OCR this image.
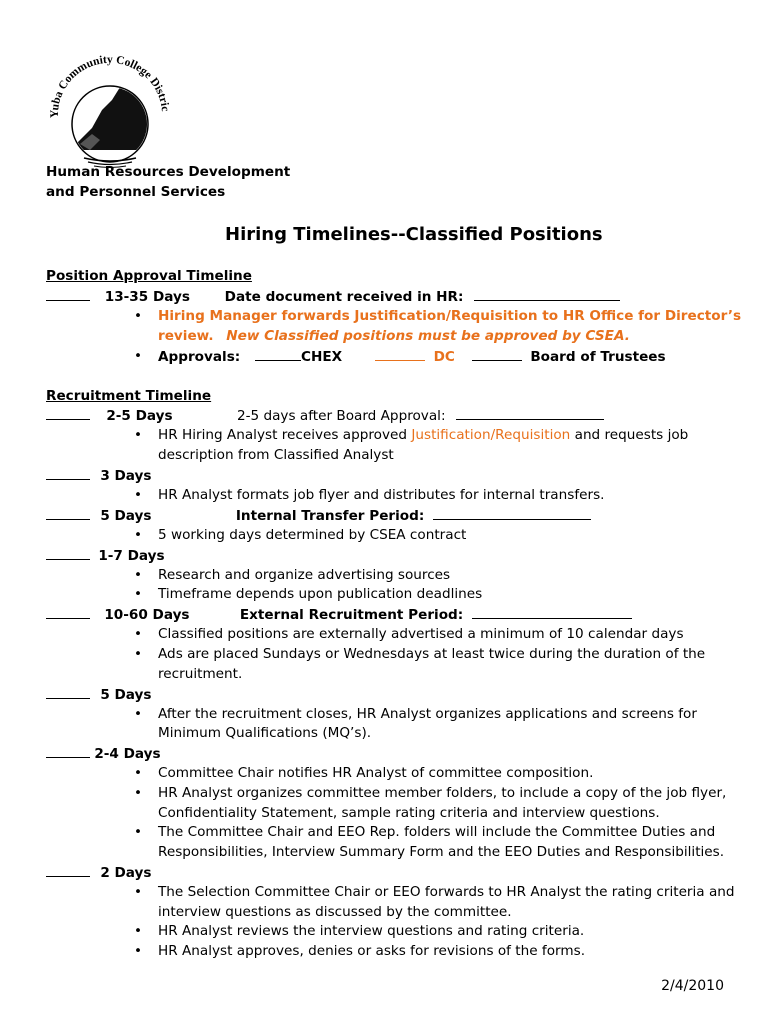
Yuba Community College Distric
Human Resources Development
and Personnel Services
Hiring Timelines--Classified Positions
Position Approval Timeline
13-35 Days	Date document received in HR:
• Hiring Manager forwards Justification/Requisition to HR Office for Director’s
review. New Classified positions must be approved by CSEA.
• Approvals:	CHEX	DC	Board of Trustees
Recruitment Timeline
2-5 Days	2-5 days after Board Approval:
• HR Hiring Analyst receives approved Justification/Requisition and requests job
description from Classified Analyst
3 Days
• HR Analyst formats job flyer and distributes for internal transfers.
5 Days	Internal Transfer Period:
• 5 working days determined by CSEA contract
1-7 Days
• Research and organize advertising sources
• Timeframe depends upon publication deadlines
10-60 Days	External Recruitment Period:
• Classified positions are externally advertised a minimum of 10 calendar days
• Ads are placed Sundays or Wednesdays at least twice during the duration of the
recruitment.
5 Days
• After the recruitment closes, HR Analyst organizes applications and screens for
Minimum Qualifications (MQ’s).
2-4 Days
• Committee Chair notifies HR Analyst of committee composition.
• HR Analyst organizes committee member folders, to include a copy of the job flyer,
Confidentiality Statement, sample rating criteria and interview questions.
• The Committee Chair and EEO Rep. folders will include the Committee Duties and
Responsibilities, Interview Summary Form and the EEO Duties and Responsibilities.
2 Days
• The Selection Committee Chair or EEO forwards to HR Analyst the rating criteria and
interview questions as discussed by the committee.
• HR Analyst reviews the interview questions and rating criteria.
• HR Analyst approves, denies or asks for revisions of the forms.
2/4/2010
